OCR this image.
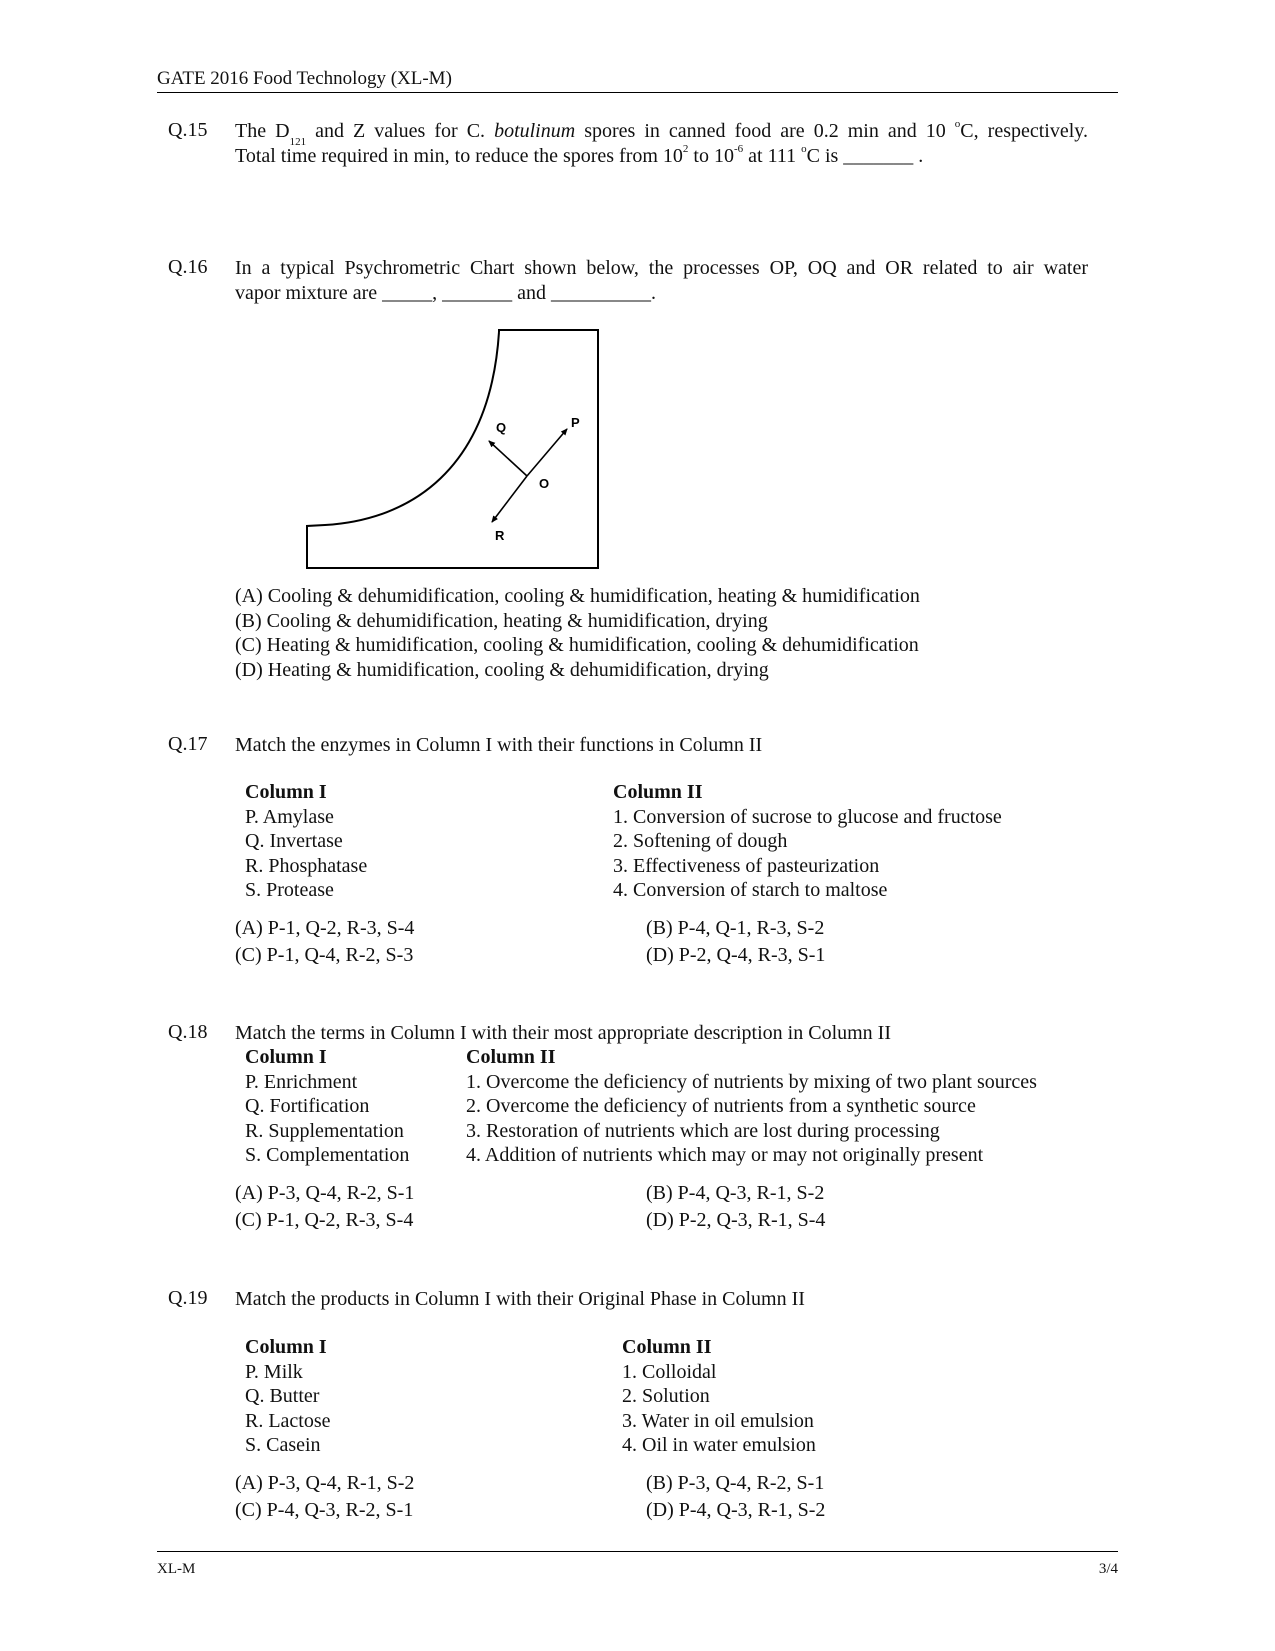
GATE 2016 Food Technology (XL-M)
Q.15 The $D_{121}$ and Z values for C. botulinum spores in canned food are 0.2 min and 10 $^o$C, respectively.
Total time required in min, to reduce the spores from $10^2$ to $10^{-6}$ at 111 $^o$C is _______ .
Q.16 In a typical Psychrometric Chart shown below, the processes OP, OQ and OR related to air water
vapor mixture are _____, _______ and __________.
P
Q
O
R
(A) Cooling & dehumidification, cooling & humidification, heating & humidification
(B) Cooling & dehumidification, heating & humidification, drying
(C) Heating & humidification, cooling & humidification, cooling & dehumidification
(D) Heating & humidification, cooling & dehumidification, drying
Q.17 Match the enzymes in Column I with their functions in Column II
Column I
P. Amylase
Q. Invertase
R. Phosphatase
S. Protease
Column II
1. Conversion of sucrose to glucose and fructose
2. Softening of dough
3. Effectiveness of pasteurization
4. Conversion of starch to maltose
(A) P-1, Q-2, R-3, S-4
(C) P-1, Q-4, R-2, S-3
(B) P-4, Q-1, R-3, S-2
(D) P-2, Q-4, R-3, S-1
Q.18 Match the terms in Column I with their most appropriate description in Column II
Column I
P. Enrichment
Q. Fortification
R. Supplementation
S. Complementation
Column II
1. Overcome the deficiency of nutrients by mixing of two plant sources
2. Overcome the deficiency of nutrients from a synthetic source
3. Restoration of nutrients which are lost during processing
4. Addition of nutrients which may or may not originally present
(A) P-3, Q-4, R-2, S-1
(C) P-1, Q-2, R-3, S-4
(B) P-4, Q-3, R-1, S-2
(D) P-2, Q-3, R-1, S-4
Q.19 Match the products in Column I with their Original Phase in Column II
Column I
P. Milk
Q. Butter
R. Lactose
S. Casein
Column II
1. Colloidal
2. Solution
3. Water in oil emulsion
4. Oil in water emulsion
(A) P-3, Q-4, R-1, S-2
(C) P-4, Q-3, R-2, S-1
(B) P-3, Q-4, R-2, S-1
(D) P-4, Q-3, R-1, S-2
XL-M	3/4
